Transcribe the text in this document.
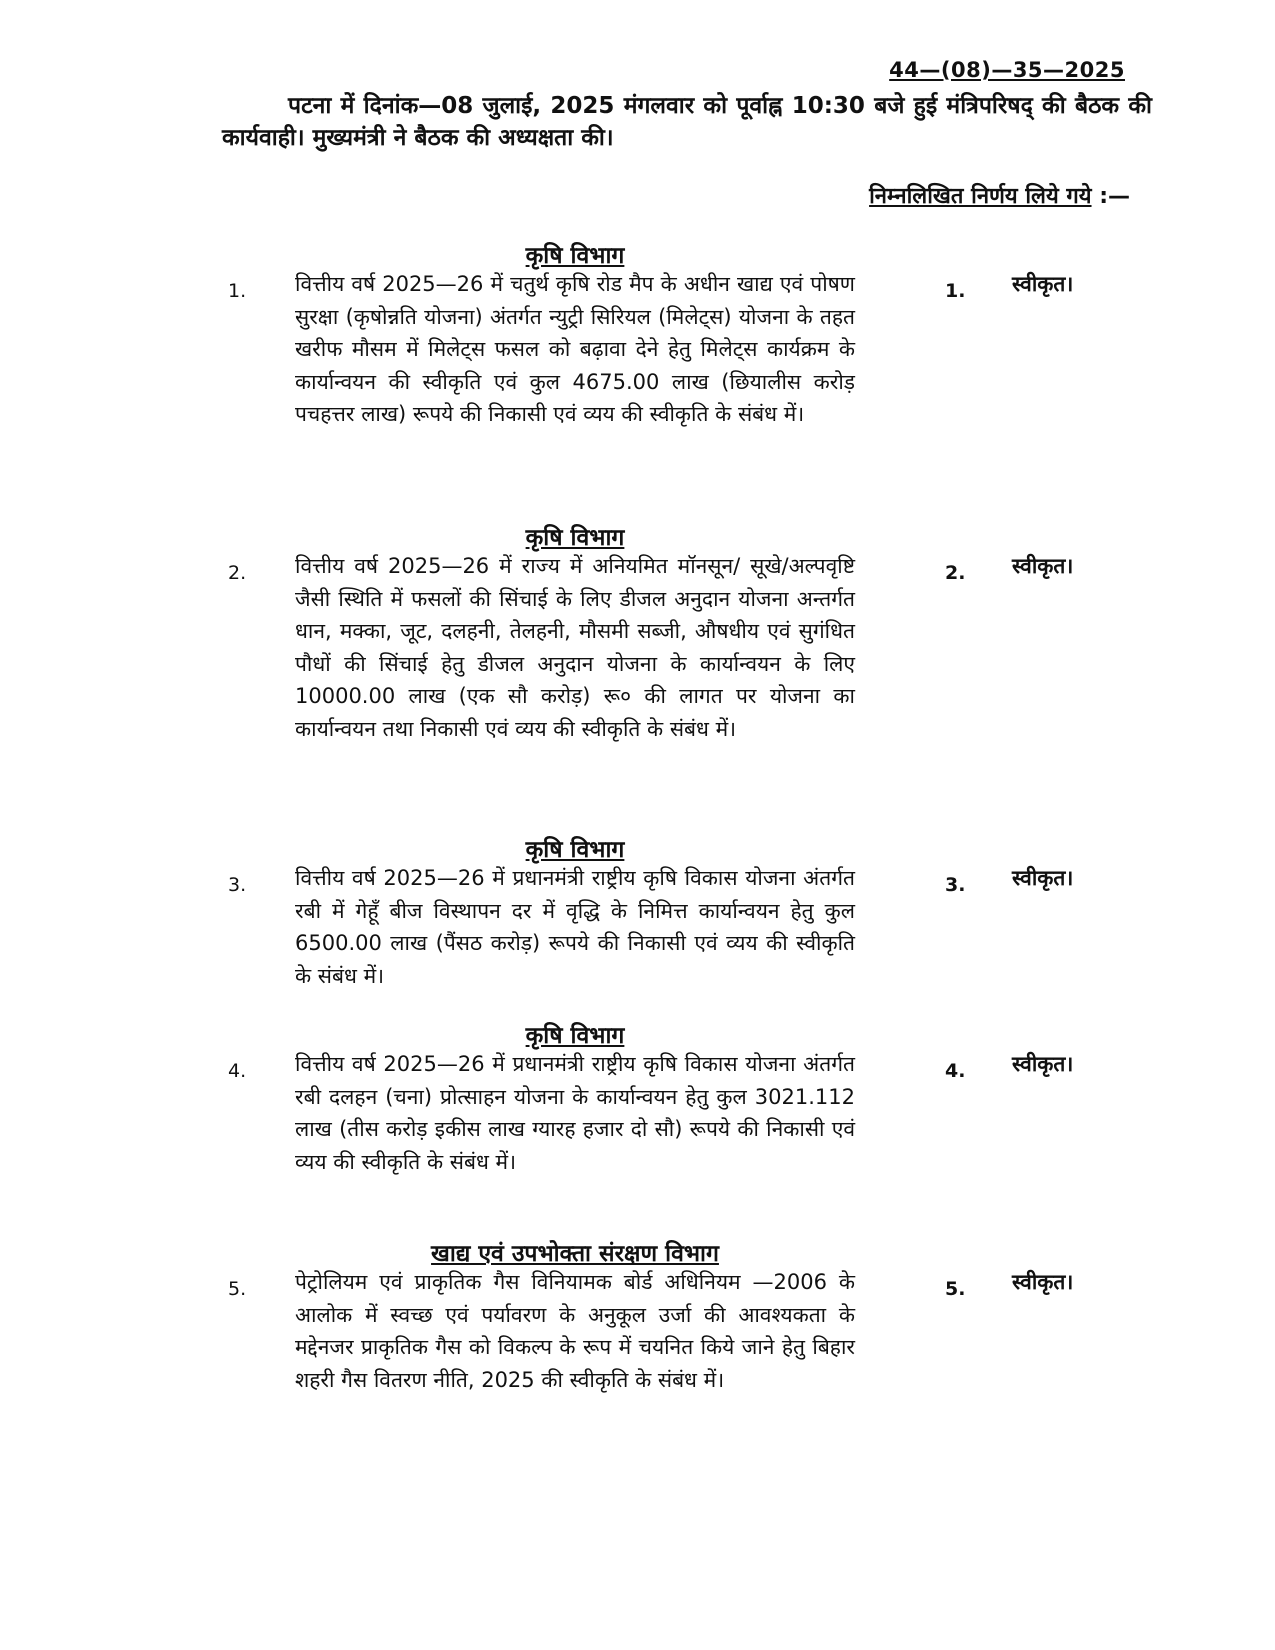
44—(08)—35—2025
पटना में दिनांक—08 जुलाई, 2025 मंगलवार को पूर्वाह्न 10:30 बजे हुई मंत्रिपरिषद् की बैठक की कार्यवाही। मुख्यमंत्री ने बैठक की अध्यक्षता की।
निम्नलिखित निर्णय लिये गये :—
कृषि विभाग
1. वित्तीय वर्ष 2025—26 में चतुर्थ कृषि रोड मैप के अधीन खाद्य एवं पोषण सुरक्षा (कृषोन्नति योजना) अंतर्गत न्युट्री सिरियल (मिलेट्स) योजना के तहत खरीफ मौसम में मिलेट्स फसल को बढ़ावा देने हेतु मिलेट्स कार्यक्रम के कार्यान्वयन की स्वीकृति एवं कुल 4675.00 लाख (छियालीस करोड़ पचहत्तर लाख) रूपये की निकासी एवं व्यय की स्वीकृति के संबंध में।
1. स्वीकृत।
कृषि विभाग
2. वित्तीय वर्ष 2025—26 में राज्य में अनियमित मॉनसून/ सूखे/अल्पवृष्टि जैसी स्थिति में फसलों की सिंचाई के लिए डीजल अनुदान योजना अन्तर्गत धान, मक्का, जूट, दलहनी, तेलहनी, मौसमी सब्जी, औषधीय एवं सुगंधित पौधों की सिंचाई हेतु डीजल अनुदान योजना के कार्यान्वयन के लिए 10000.00 लाख (एक सौ करोड़) रू० की लागत पर योजना का कार्यान्वयन तथा निकासी एवं व्यय की स्वीकृति के संबंध में।
2. स्वीकृत।
कृषि विभाग
3. वित्तीय वर्ष 2025—26 में प्रधानमंत्री राष्ट्रीय कृषि विकास योजना अंतर्गत रबी में गेहूँ बीज विस्थापन दर में वृद्धि के निमित्त कार्यान्वयन हेतु कुल 6500.00 लाख (पैंसठ करोड़) रूपये की निकासी एवं व्यय की स्वीकृति के संबंध में।
3. स्वीकृत।
कृषि विभाग
4. वित्तीय वर्ष 2025—26 में प्रधानमंत्री राष्ट्रीय कृषि विकास योजना अंतर्गत रबी दलहन (चना) प्रोत्साहन योजना के कार्यान्वयन हेतु कुल 3021.112 लाख (तीस करोड़ इकीस लाख ग्यारह हजार दो सौ) रूपये की निकासी एवं व्यय की स्वीकृति के संबंध में।
4. स्वीकृत।
खाद्य एवं उपभोक्ता संरक्षण विभाग
5. पेट्रोलियम एवं प्राकृतिक गैस विनियामक बोर्ड अधिनियम —2006 के आलोक में स्वच्छ एवं पर्यावरण के अनुकूल उर्जा की आवश्यकता के मद्देनजर प्राकृतिक गैस को विकल्प के रूप में चयनित किये जाने हेतु बिहार शहरी गैस वितरण नीति, 2025 की स्वीकृति के संबंध में।
5. स्वीकृत।
